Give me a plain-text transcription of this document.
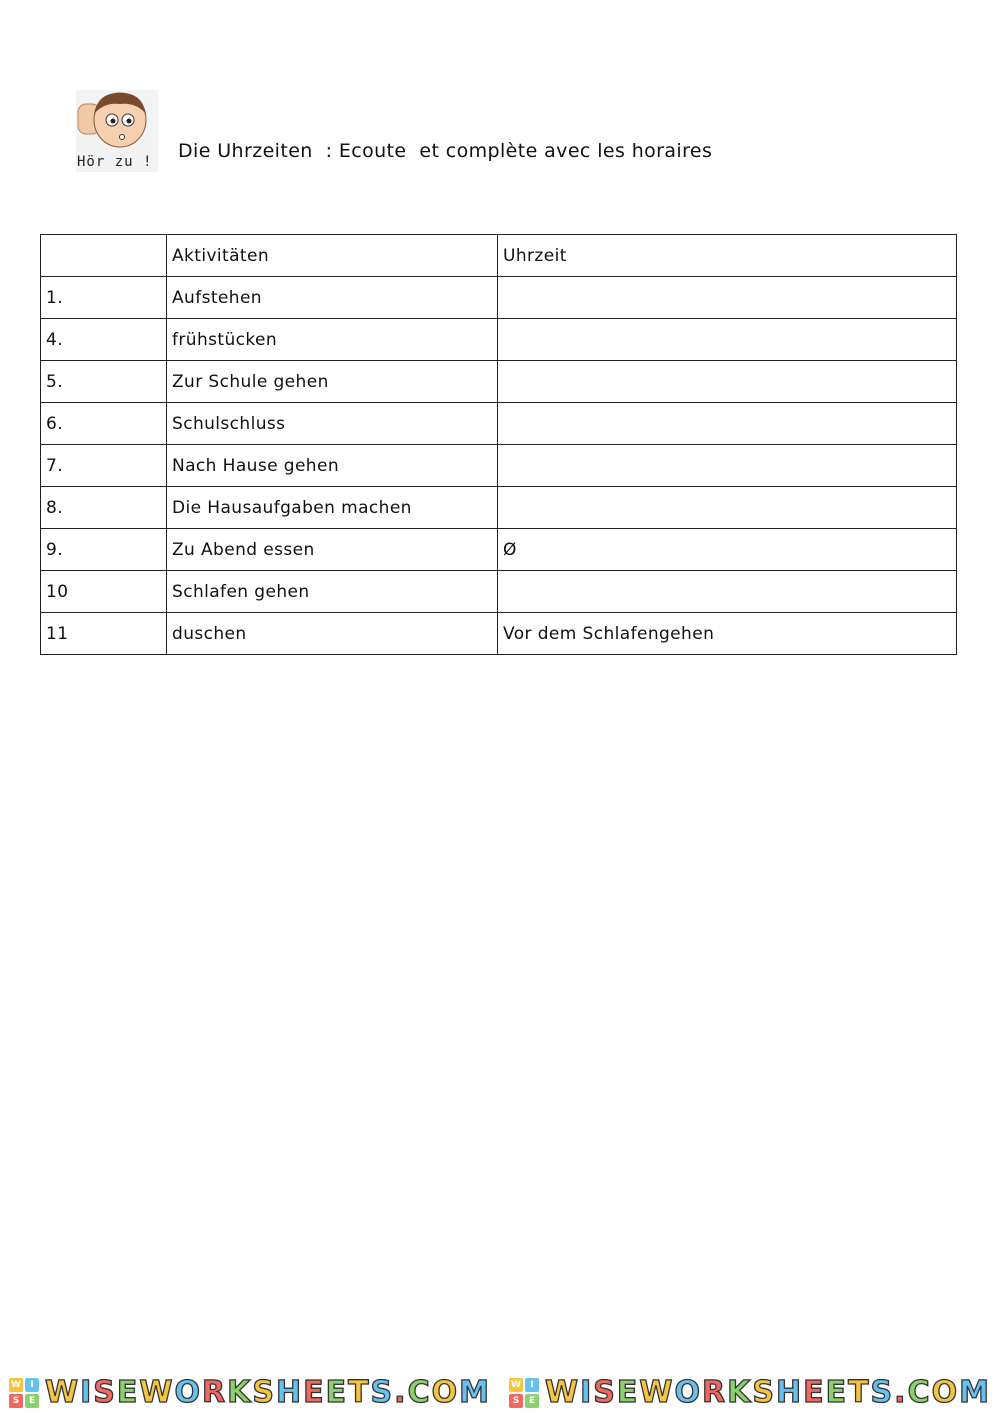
Hör zu !	Die Uhrzeiten  : Ecoute  et complète avec les horaires
	Aktivitäten	Uhrzeit
1.	Aufstehen	
4.	frühstücken	
5.	Zur Schule gehen	
6.	Schulschluss	
7.	Nach Hause gehen	
8.	Die Hausaufgaben machen	
9.	Zu Abend essen	Ø
10	Schlafen gehen	
11	duschen	Vor dem Schlafengehen
W	I
S	E WISEWORKSHEETS.COM W	I
S	E WISEWORKSHEETS.COM
